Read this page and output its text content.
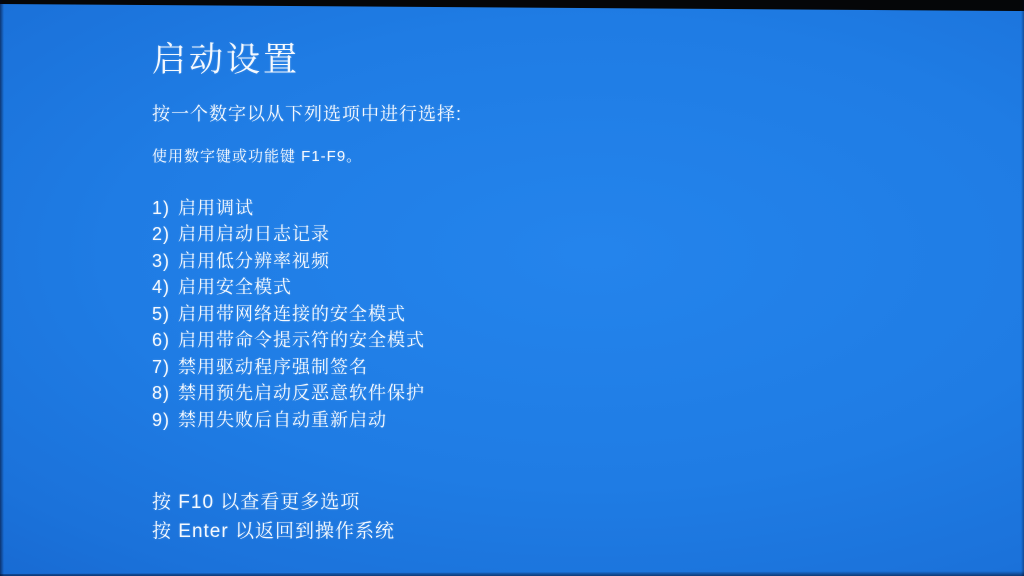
启动设置

按一个数字以从下列选项中进行选择:

使用数字键或功能键 F1-F9。

1) 启用调试
2) 启用启动日志记录
3) 启用低分辨率视频
4) 启用安全模式
5) 启用带网络连接的安全模式
6) 启用带命令提示符的安全模式
7) 禁用驱动程序强制签名
8) 禁用预先启动反恶意软件保护
9) 禁用失败后自动重新启动

按 F10 以查看更多选项

按 Enter 以返回到操作系统
